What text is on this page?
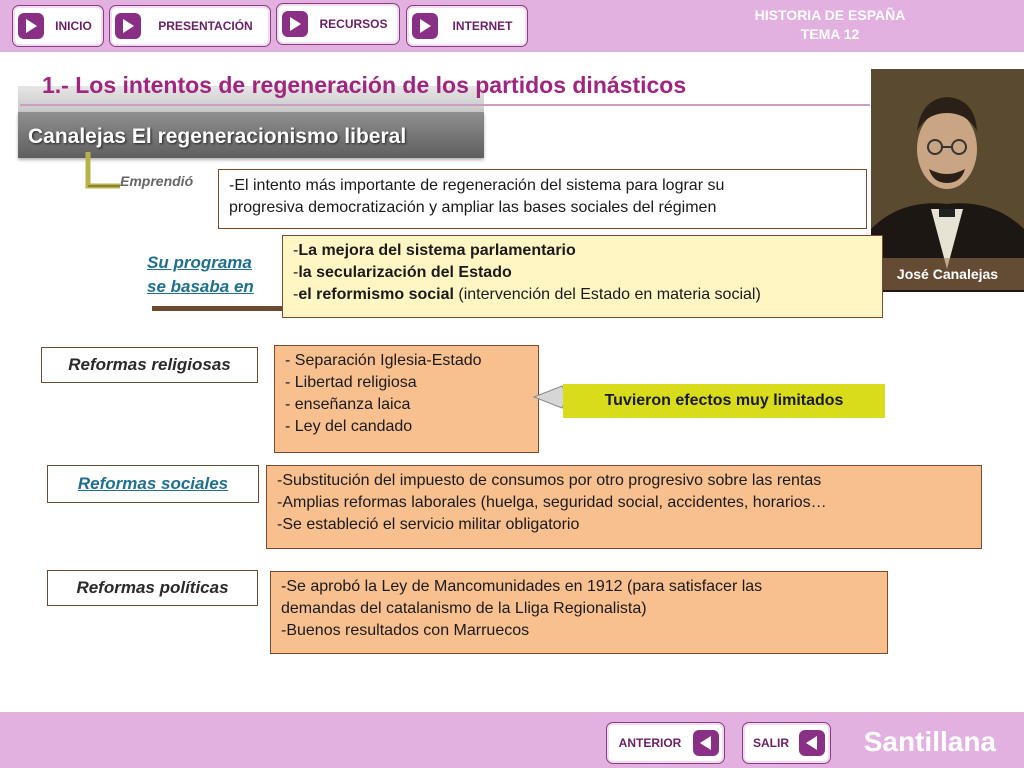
INICIO	PRESENTACIÓN	RECURSOS	INTERNET
HISTORIA DE ESPAÑA
TEMA 12
1.- Los intentos de regeneración de los partidos dinásticos
Canalejas El regeneracionismo liberal
José Canalejas
Emprendió -El intento más importante de regeneración del sistema para lograr su
progresiva democratización y ampliar las bases sociales del régimen
Su programa
se basaba en
-La mejora del sistema parlamentario
-la secularización del Estado
-el reformismo social (intervención del Estado en materia social)
Reformas religiosas	- Separación Iglesia-Estado
- Libertad religiosa
- enseñanza laica
- Ley del candado
Tuvieron efectos muy limitados
Reformas sociales	-Substitución del impuesto de consumos por otro progresivo sobre las rentas
-Amplias reformas laborales (huelga, seguridad social, accidentes, horarios…
-Se estableció el servicio militar obligatorio
Reformas políticas	-Se aprobó la Ley de Mancomunidades en 1912 (para satisfacer las
demandas del catalanismo de la Lliga Regionalista)
-Buenos resultados con Marruecos
ANTERIOR	SALIR	Santillana
